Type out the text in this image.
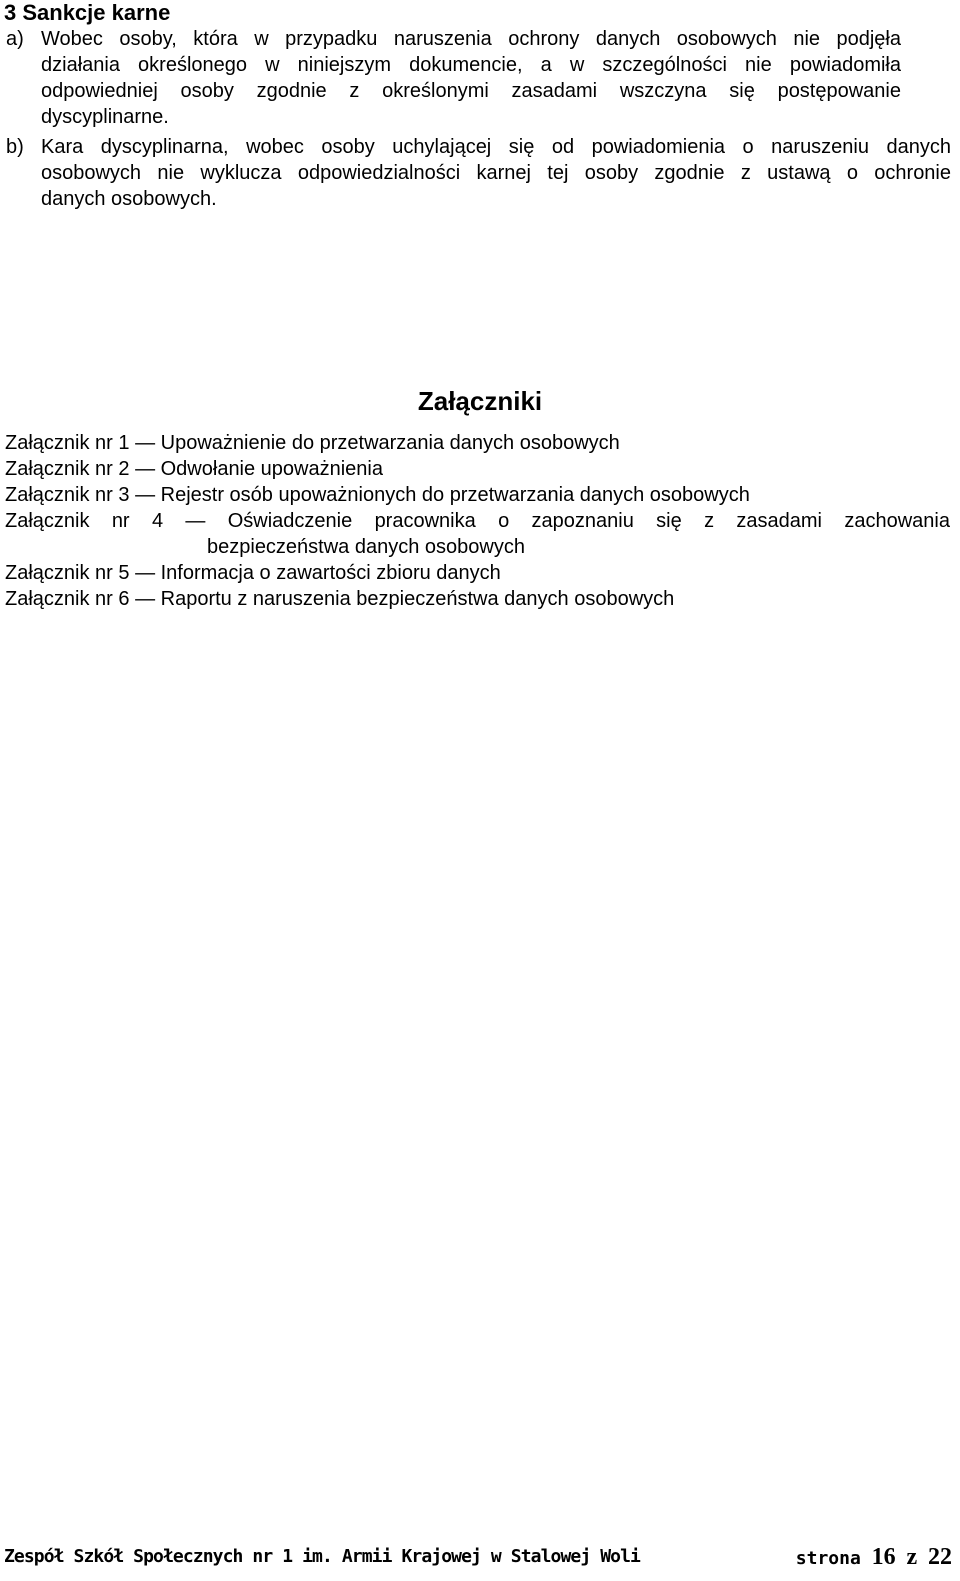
3 Sankcje karne
a) Wobec osoby, która w przypadku naruszenia ochrony danych osobowych nie podjęła
działania określonego w niniejszym dokumencie, a w szczególności nie powiadomiła
odpowiedniej osoby zgodnie z określonymi zasadami wszczyna się postępowanie
dyscyplinarne.
b) Kara dyscyplinarna, wobec osoby uchylającej się od powiadomienia o naruszeniu danych
osobowych nie wyklucza odpowiedzialności karnej tej osoby zgodnie z ustawą o ochronie
danych osobowych.
Załączniki
Załącznik nr 1 — Upoważnienie do przetwarzania danych osobowych
Załącznik nr 2 — Odwołanie upoważnienia
Załącznik nr 3 — Rejestr osób upoważnionych do przetwarzania danych osobowych
Załącznik nr 4 — Oświadczenie pracownika o zapoznaniu się z zasadami zachowania
bezpieczeństwa danych osobowych
Załącznik nr 5 — Informacja o zawartości zbioru danych
Załącznik nr 6 — Raportu z naruszenia bezpieczeństwa danych osobowych
Zespół Szkół Społecznych nr 1 im. Armii Krajowej w Stalowej Woli	strona 16 z 22
